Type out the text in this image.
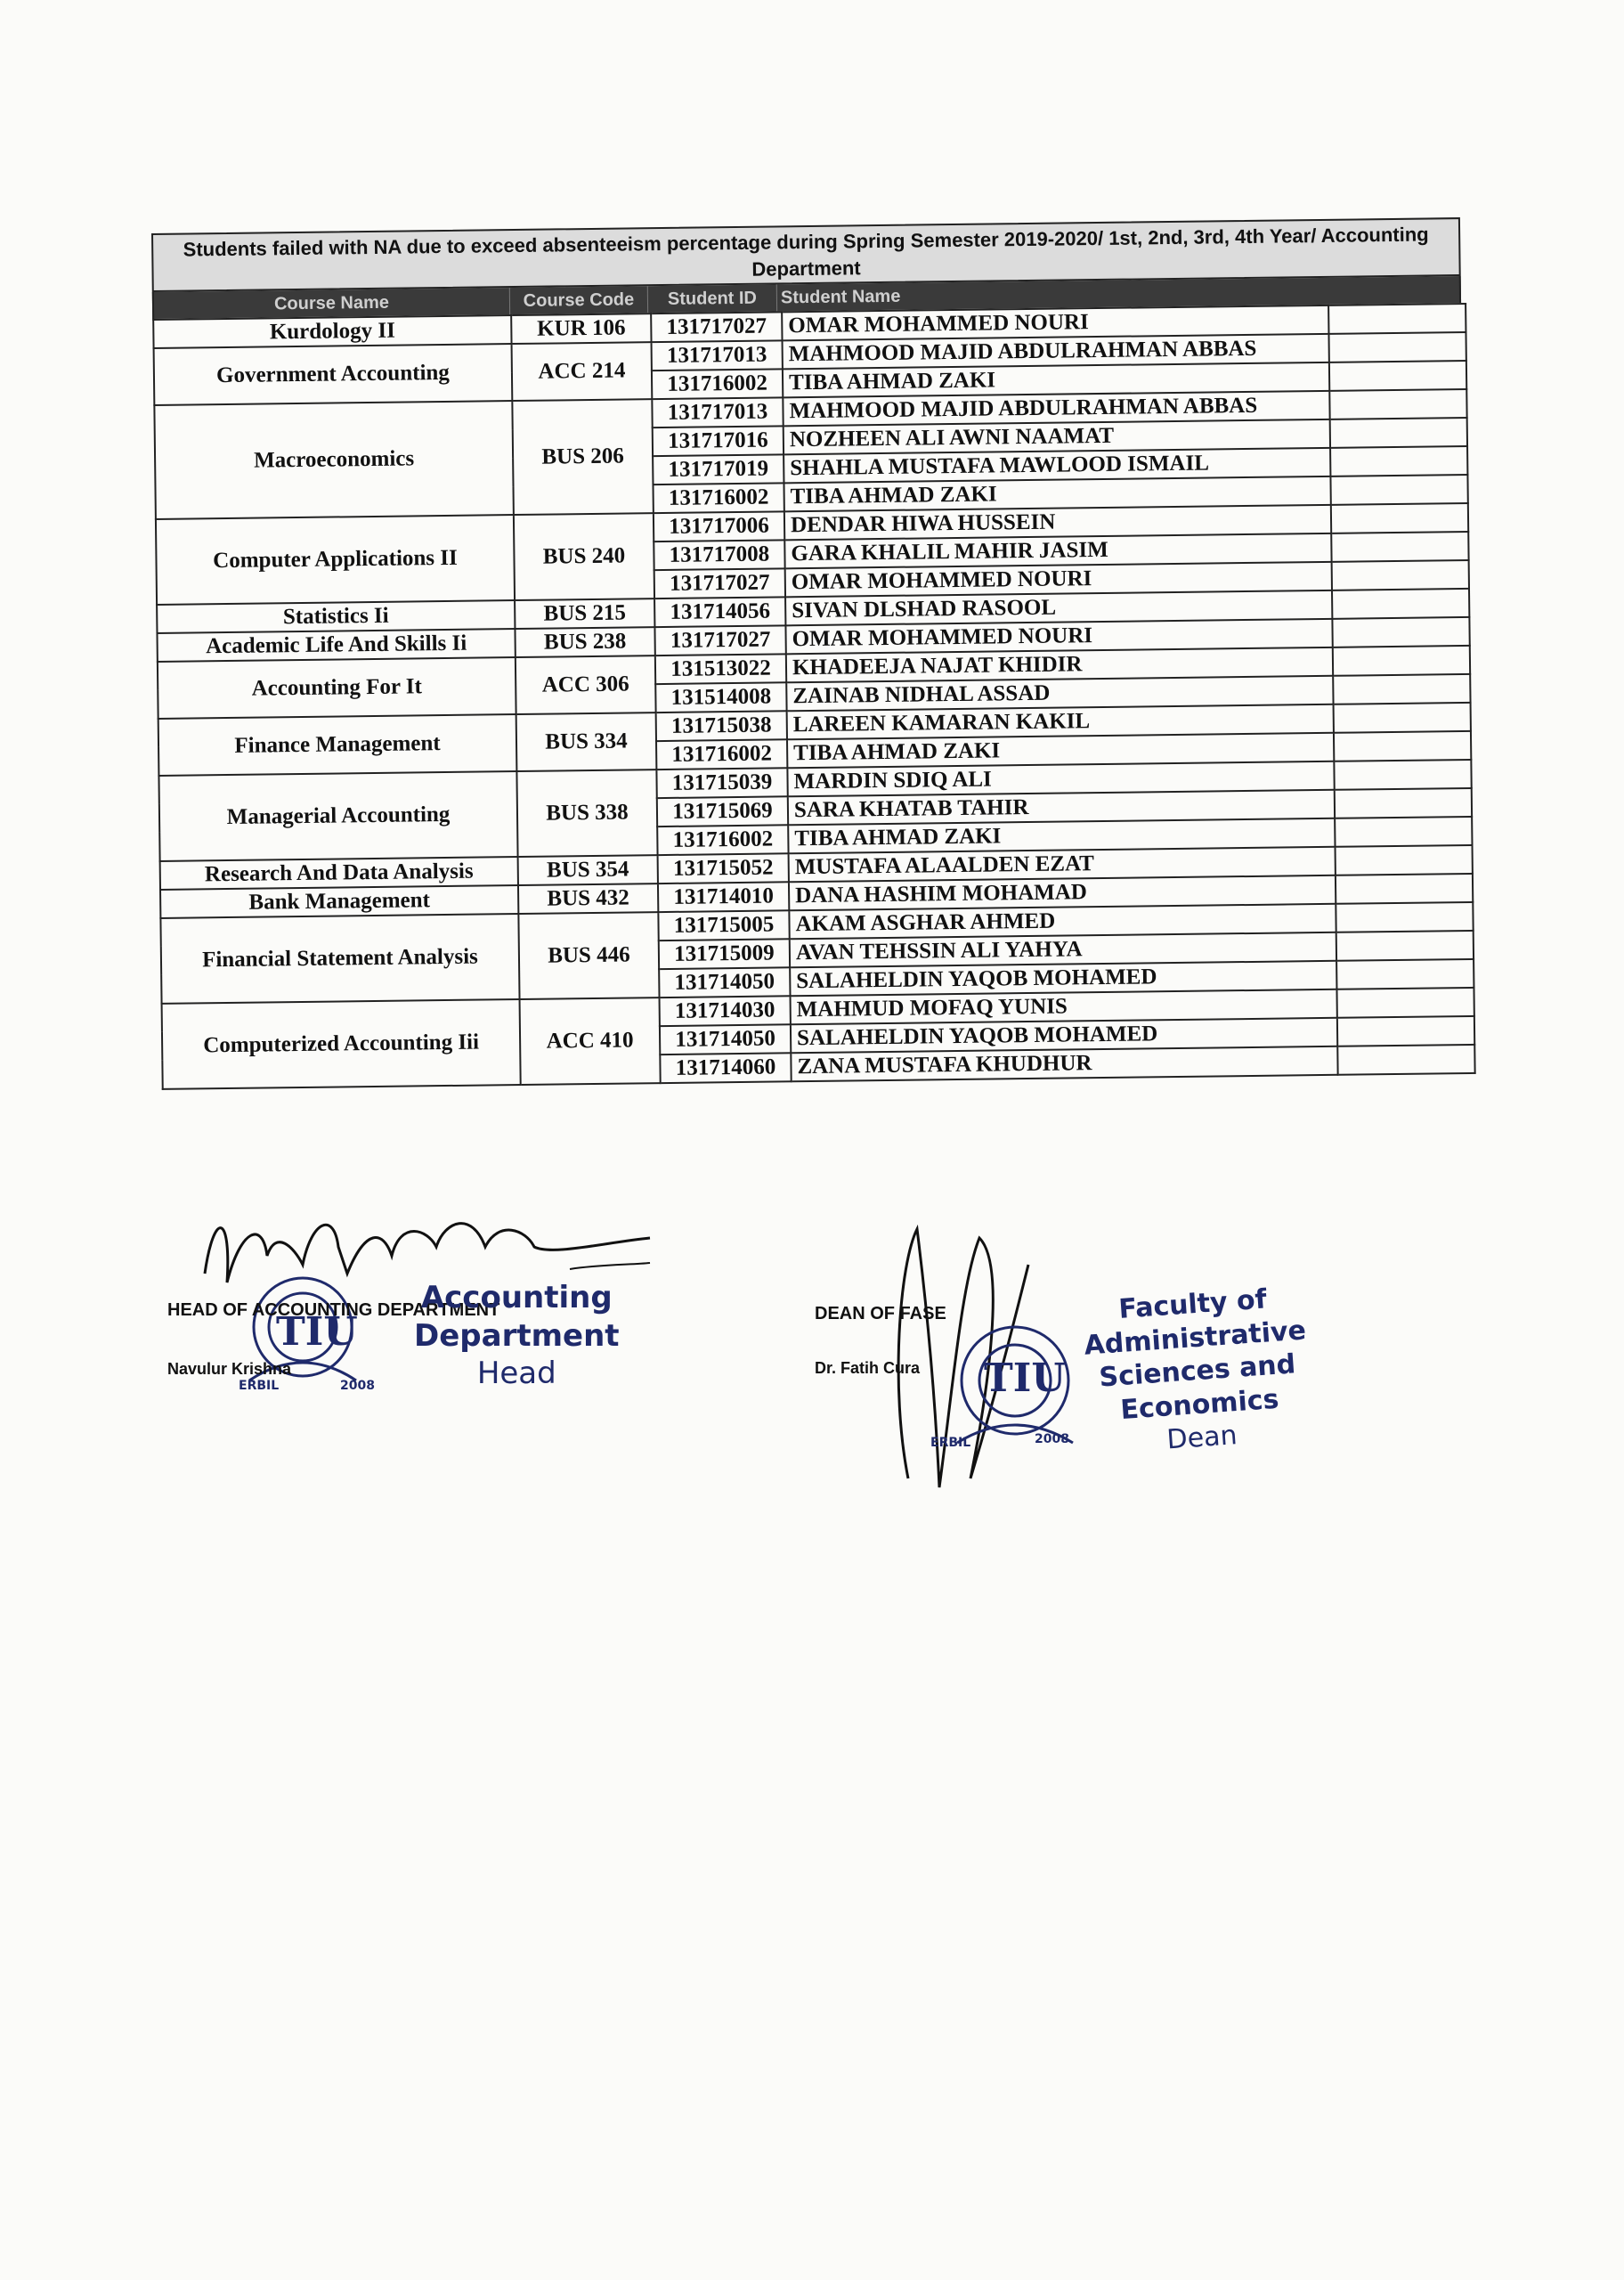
Students failed with NA due to exceed absenteeism percentage during Spring Semester 2019-2020/ 1st, 2nd, 3rd, 4th Year/ Accounting Department
Course Name	Course Code	Student ID	Student Name
Kurdology II	KUR 106	131717027	OMAR MOHAMMED NOURI	
Government Accounting	ACC 214	131717013	MAHMOOD MAJID ABDULRAHMAN ABBAS	
		131716002	TIBA AHMAD ZAKI	
Macroeconomics	BUS 206	131717013	MAHMOOD MAJID ABDULRAHMAN ABBAS	
		131717016	NOZHEEN ALI AWNI NAAMAT	
		131717019	SHAHLA MUSTAFA MAWLOOD ISMAIL	
		131716002	TIBA AHMAD ZAKI	
Computer Applications II	BUS 240	131717006	DENDAR HIWA HUSSEIN	
		131717008	GARA KHALIL MAHIR JASIM	
		131717027	OMAR MOHAMMED NOURI	
Statistics Ii	BUS 215	131714056	SIVAN DLSHAD RASOOL	
Academic Life And Skills Ii	BUS 238	131717027	OMAR MOHAMMED NOURI	
Accounting For It	ACC 306	131513022	KHADEEJA NAJAT KHIDIR	
		131514008	ZAINAB NIDHAL ASSAD	
Finance Management	BUS 334	131715038	LAREEN KAMARAN KAKIL	
		131716002	TIBA AHMAD ZAKI	
Managerial Accounting	BUS 338	131715039	MARDIN SDIQ ALI	
		131715069	SARA KHATAB TAHIR	
		131716002	TIBA AHMAD ZAKI	
Research And Data Analysis	BUS 354	131715052	MUSTAFA ALAALDEN EZAT	
Bank Management	BUS 432	131714010	DANA HASHIM MOHAMAD	
Financial Statement Analysis	BUS 446	131715005	AKAM ASGHAR AHMED	
		131715009	AVAN TEHSSIN ALI YAHYA	
		131714050	SALAHELDIN YAQOB MOHAMED	
Computerized Accounting Iii	ACC 410	131714030	MAHMUD MOFAQ YUNIS	
		131714050	SALAHELDIN YAQOB MOHAMED	
		131714060	ZANA MUSTAFA KHUDHUR	
TIU
ERBIL	2008
HEAD OF ACCOUNTING DEPARTMENT
Navulur Krishna
Accounting
Department
Head	TIU
ERBIL	2008
DEAN OF FASE
Dr. Fatih Cura
Faculty of
Administrative
Sciences and
Economics
Dean
